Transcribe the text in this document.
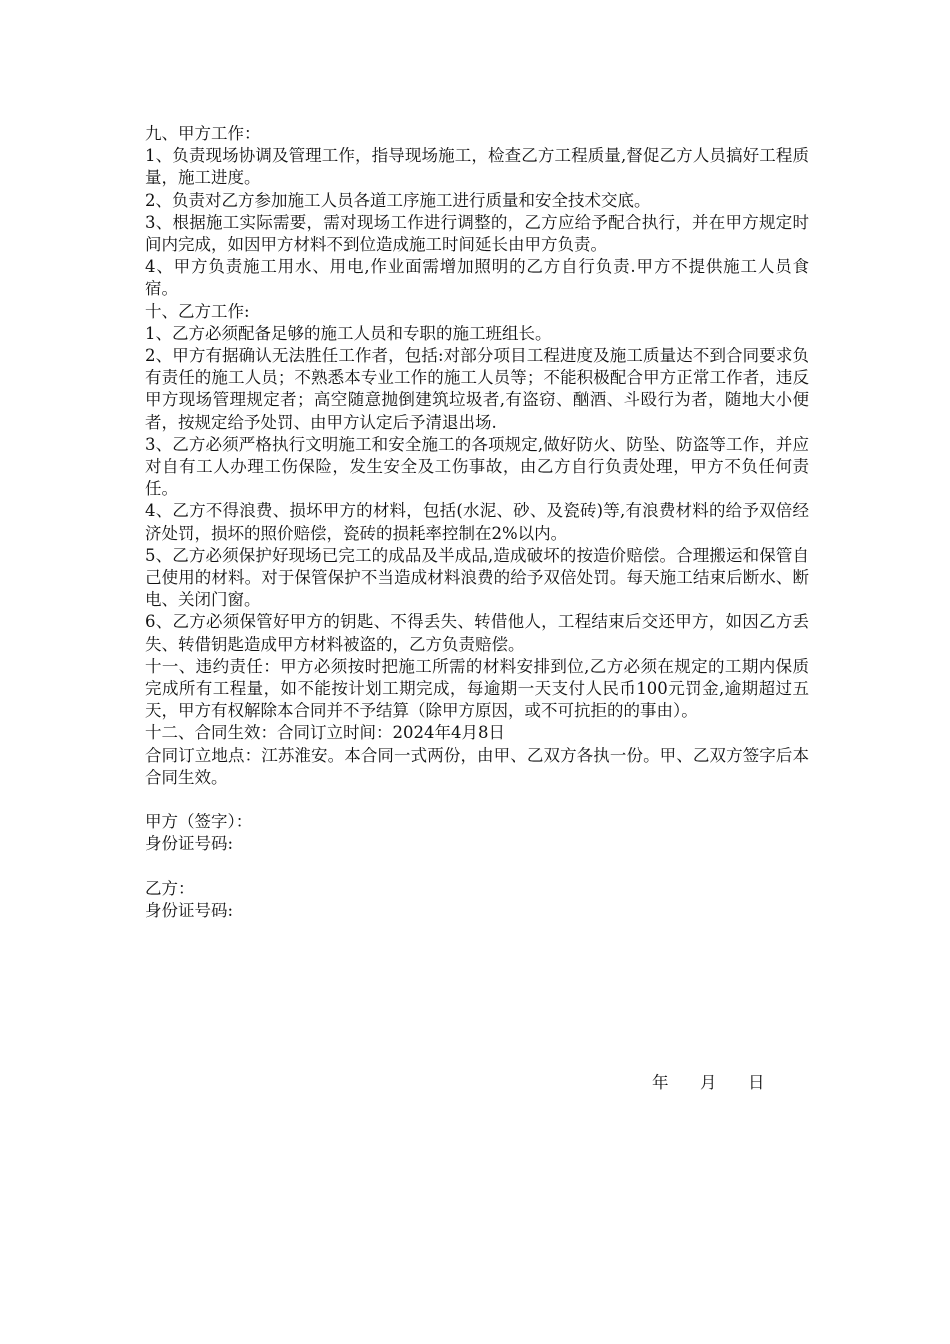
九、甲方工作：

1、负责现场协调及管理工作，指导现场施工，检查乙方工程质量,督促乙方人员搞好工程质量，施工进度。

2、负责对乙方参加施工人员各道工序施工进行质量和安全技术交底。

3、根据施工实际需要，需对现场工作进行调整的，乙方应给予配合执行，并在甲方规定时间内完成，如因甲方材料不到位造成施工时间延长由甲方负责。

4、甲方负责施工用水、用电,作业面需增加照明的乙方自行负责.甲方不提供施工人员食宿。

十、乙方工作:

1、乙方必须配备足够的施工人员和专职的施工班组长。

2、甲方有据确认无法胜任工作者，包括:对部分项目工程进度及施工质量达不到合同要求负有责任的施工人员；不熟悉本专业工作的施工人员等；不能积极配合甲方正常工作者，违反甲方现场管理规定者；高空随意抛倒建筑垃圾者,有盗窃、酗酒、斗殴行为者，随地大小便者，按规定给予处罚、由甲方认定后予清退出场.

3、乙方必须严格执行文明施工和安全施工的各项规定,做好防火、防坠、防盗等工作，并应对自有工人办理工伤保险，发生安全及工伤事故，由乙方自行负责处理，甲方不负任何责任。

4、乙方不得浪费、损坏甲方的材料，包括(水泥、砂、及瓷砖)等,有浪费材料的给予双倍经济处罚，损坏的照价赔偿，瓷砖的损耗率控制在2%以内。

5、乙方必须保护好现场已完工的成品及半成品,造成破坏的按造价赔偿。合理搬运和保管自己使用的材料。对于保管保护不当造成材料浪费的给予双倍处罚。每天施工结束后断水、断电、关闭门窗。

6、乙方必须保管好甲方的钥匙、不得丢失、转借他人，工程结束后交还甲方，如因乙方丢失、转借钥匙造成甲方材料被盗的，乙方负责赔偿。

十一、违约责任：甲方必须按时把施工所需的材料安排到位,乙方必须在规定的工期内保质完成所有工程量，如不能按计划工期完成，每逾期一天支付人民币100元罚金,逾期超过五天，甲方有权解除本合同并不予结算（除甲方原因，或不可抗拒的的事由）。

十二、合同生效：合同订立时间：2024年4月8日

合同订立地点：江苏淮安。本合同一式两份，由甲、乙双方各执一份。甲、乙双方签字后本合同生效。

甲方（签字）：

身份证号码:

乙方：

身份证号码:

年      月      日
